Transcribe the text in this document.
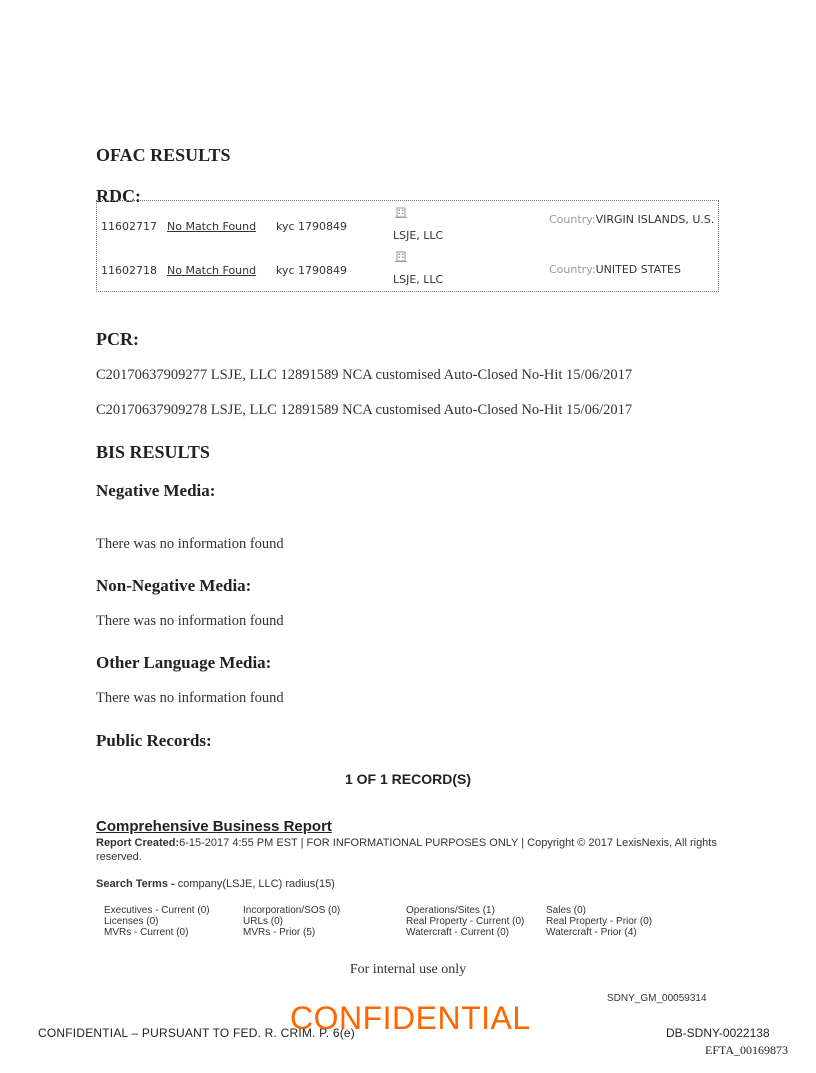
OFAC RESULTS
RDC:
11602717 No Match Found kyc 1790849
LSJE, LLC
Country:VIRGIN ISLANDS, U.S.
11602718 No Match Found kyc 1790849
LSJE, LLC
Country:UNITED STATES
PCR:

C20170637909277 LSJE, LLC 12891589 NCA customised Auto-Closed No-Hit 15/06/2017

C20170637909278 LSJE, LLC 12891589 NCA customised Auto-Closed No-Hit 15/06/2017

BIS RESULTS
Negative Media:

There was no information found

Non-Negative Media:

There was no information found

Other Language Media:

There was no information found

Public Records:
1 OF 1 RECORD(S)
Comprehensive Business Report
Report Created:6-15-2017 4:55 PM EST | FOR INFORMATIONAL PURPOSES ONLY | Copyright © 2017 LexisNexis, All rights reserved.
Search Terms - company(LSJE, LLC) radius(15)
Executives - Current (0)
Licenses (0)
MVRs - Current (0)
Incorporation/SOS (0)
URLs (0)
MVRs - Prior (5)
Operations/Sites (1)
Real Property - Current (0)
Watercraft - Current (0)
Sales (0)
Real Property - Prior (0)
Watercraft - Prior (4)
For internal use only
SDNY_GM_00059314
CONFIDENTIAL – PURSUANT TO FED. R. CRIM. P. 6(e)
CONFIDENTIAL	DB-SDNY-0022138
EFTA_00169873
